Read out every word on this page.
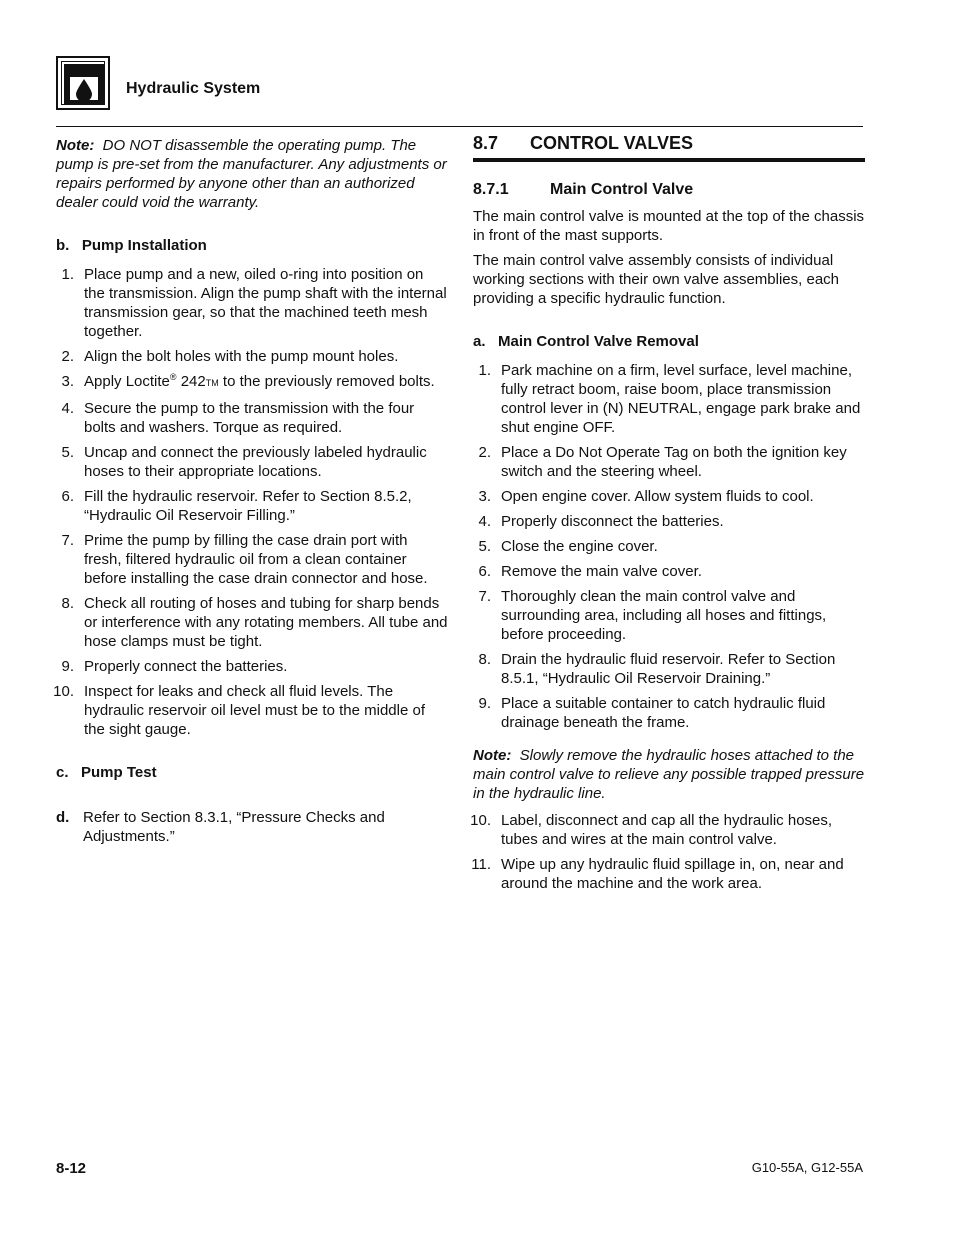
Hydraulic System

Note: DO NOT disassemble the operating pump. The pump is pre-set from the manufacturer. Any adjustments or repairs performed by anyone other than an authorized dealer could void the warranty.

b.   Pump Installation
1. Place pump and a new, oiled o-ring into position on the transmission. Align the pump shaft with the internal transmission gear, so that the machined teeth mesh together.
2. Align the bolt holes with the pump mount holes.
3. Apply Loctite® 242TM to the previously removed bolts.
4. Secure the pump to the transmission with the four bolts and washers. Torque as required.
5. Uncap and connect the previously labeled hydraulic hoses to their appropriate locations.
6. Fill the hydraulic reservoir. Refer to Section 8.5.2, “Hydraulic Oil Reservoir Filling.”
7. Prime the pump by filling the case drain port with fresh, filtered hydraulic oil from a clean container before installing the case drain connector and hose.
8. Check all routing of hoses and tubing for sharp bends or interference with any rotating members. All tube and hose clamps must be tight.
9. Properly connect the batteries.
10. Inspect for leaks and check all fluid levels. The hydraulic reservoir oil level must be to the middle of the sight gauge.
c.   Pump Test
d. Refer to Section 8.3.1, “Pressure Checks and Adjustments.”
8.7 CONTROL VALVES
8.7.1	Main Control Valve

The main control valve is mounted at the top of the chassis in front of the mast supports.

The main control valve assembly consists of individual working sections with their own valve assemblies, each providing a specific hydraulic function.

a.   Main Control Valve Removal
1. Park machine on a firm, level surface, level machine, fully retract boom, raise boom, place transmission control lever in (N) NEUTRAL, engage park brake and shut engine OFF.
2. Place a Do Not Operate Tag on both the ignition key switch and the steering wheel.
3. Open engine cover. Allow system fluids to cool.
4. Properly disconnect the batteries.
5. Close the engine cover.
6. Remove the main valve cover.
7. Thoroughly clean the main control valve and surrounding area, including all hoses and fittings, before proceeding.
8. Drain the hydraulic fluid reservoir. Refer to Section 8.5.1, “Hydraulic Oil Reservoir Draining.”
9. Place a suitable container to catch hydraulic fluid drainage beneath the frame.

Note: Slowly remove the hydraulic hoses attached to the main control valve to relieve any possible trapped pressure in the hydraulic line.

10. Label, disconnect and cap all the hydraulic hoses, tubes and wires at the main control valve.
11. Wipe up any hydraulic fluid spillage in, on, near and around the machine and the work area.
8-12	G10-55A, G12-55A
